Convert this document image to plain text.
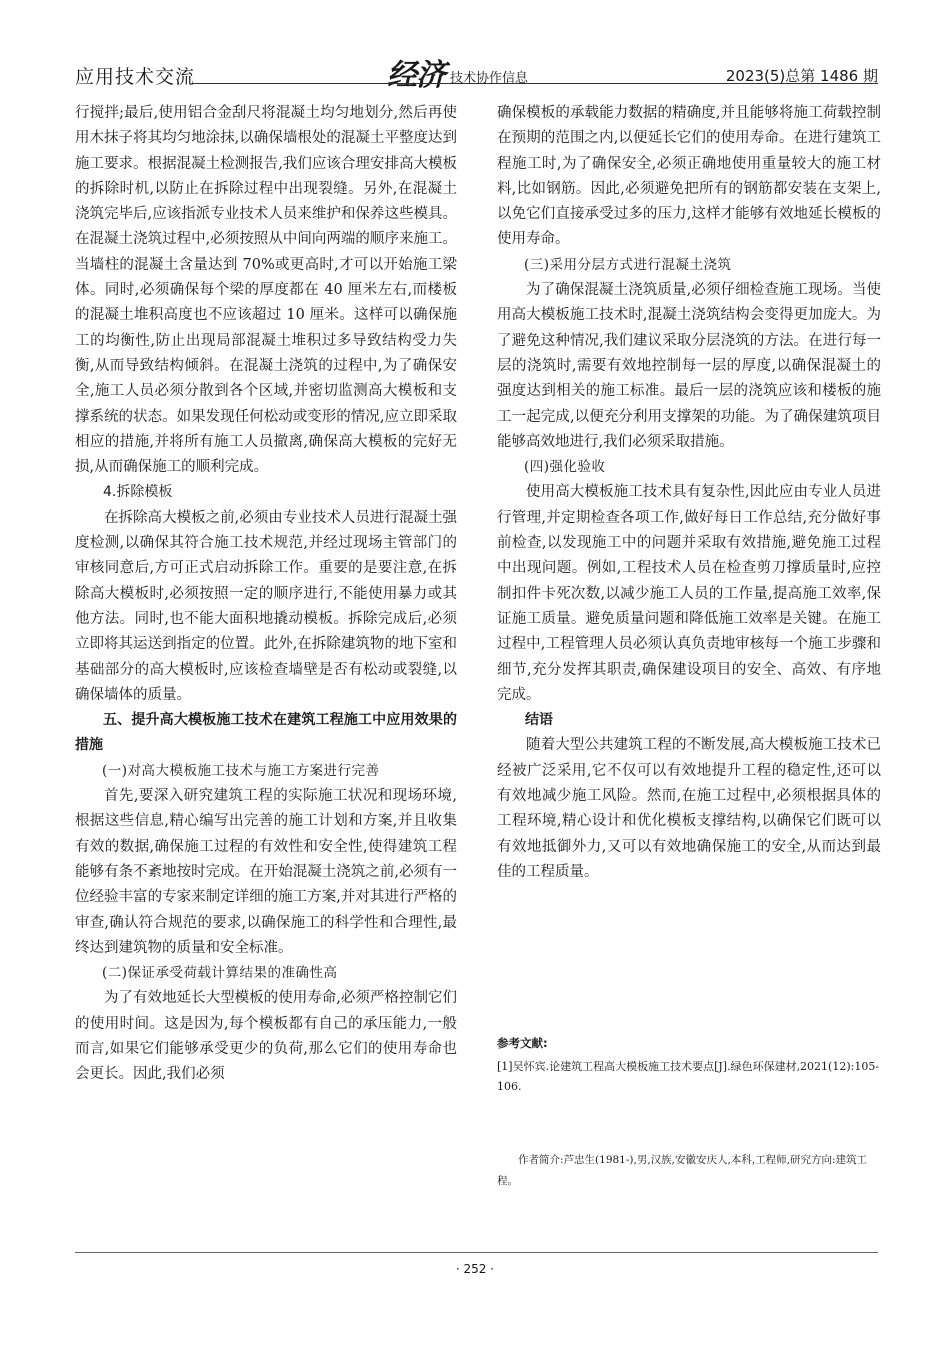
应用技术交流	经济 技术协作信息	2023(5)总第 1486 期

行搅拌;最后,使用铝合金刮尺将混凝土均匀地划分,然后再使用木抹子将其均匀地涂抹,以确保墙根处的混凝土平整度达到施工要求。根据混凝土检测报告,我们应该合理安排高大模板的拆除时机,以防止在拆除过程中出现裂缝。另外,在混凝土浇筑完毕后,应该指派专业技术人员来维护和保养这些模具。在混凝土浇筑过程中,必须按照从中间向两端的顺序来施工。当墙柱的混凝土含量达到 70%或更高时,才可以开始施工梁体。同时,必须确保每个梁的厚度都在 40 厘米左右,而楼板的混凝土堆积高度也不应该超过 10 厘米。这样可以确保施工的均衡性,防止出现局部混凝土堆积过多导致结构受力失衡,从而导致结构倾斜。在混凝土浇筑的过程中,为了确保安全,施工人员必须分散到各个区域,并密切监测高大模板和支撑系统的状态。如果发现任何松动或变形的情况,应立即采取相应的措施,并将所有施工人员撤离,确保高大模板的完好无损,从而确保施工的顺利完成。

4.拆除模板

在拆除高大模板之前,必须由专业技术人员进行混凝土强度检测,以确保其符合施工技术规范,并经过现场主管部门的审核同意后,方可正式启动拆除工作。重要的是要注意,在拆除高大模板时,必须按照一定的顺序进行,不能使用暴力或其他方法。同时,也不能大面积地撬动模板。拆除完成后,必须立即将其运送到指定的位置。此外,在拆除建筑物的地下室和基础部分的高大模板时,应该检查墙壁是否有松动或裂缝,以确保墙体的质量。

五、提升高大模板施工技术在建筑工程施工中应用效果的措施

(一)对高大模板施工技术与施工方案进行完善

首先,要深入研究建筑工程的实际施工状况和现场环境,根据这些信息,精心编写出完善的施工计划和方案,并且收集有效的数据,确保施工过程的有效性和安全性,使得建筑工程能够有条不紊地按时完成。在开始混凝土浇筑之前,必须有一位经验丰富的专家来制定详细的施工方案,并对其进行严格的审查,确认符合规范的要求,以确保施工的科学性和合理性,最终达到建筑物的质量和安全标准。

(二)保证承受荷载计算结果的准确性高

为了有效地延长大型模板的使用寿命,必须严格控制它们的使用时间。这是因为,每个模板都有自己的承压能力,一般而言,如果它们能够承受更少的负荷,那么它们的使用寿命也会更长。因此,我们必须

确保模板的承载能力数据的精确度,并且能够将施工荷载控制在预期的范围之内,以便延长它们的使用寿命。在进行建筑工程施工时,为了确保安全,必须正确地使用重量较大的施工材料,比如钢筋。因此,必须避免把所有的钢筋都安装在支架上,以免它们直接承受过多的压力,这样才能够有效地延长模板的使用寿命。

(三)采用分层方式进行混凝土浇筑

为了确保混凝土浇筑质量,必须仔细检查施工现场。当使用高大模板施工技术时,混凝土浇筑结构会变得更加庞大。为了避免这种情况,我们建议采取分层浇筑的方法。在进行每一层的浇筑时,需要有效地控制每一层的厚度,以确保混凝土的强度达到相关的施工标准。最后一层的浇筑应该和楼板的施工一起完成,以便充分利用支撑架的功能。为了确保建筑项目能够高效地进行,我们必须采取措施。

(四)强化验收

使用高大模板施工技术具有复杂性,因此应由专业人员进行管理,并定期检查各项工作,做好每日工作总结,充分做好事前检查,以发现施工中的问题并采取有效措施,避免施工过程中出现问题。例如,工程技术人员在检查剪刀撑质量时,应控制扣件卡死次数,以减少施工人员的工作量,提高施工效率,保证施工质量。避免质量问题和降低施工效率是关键。在施工过程中,工程管理人员必须认真负责地审核每一个施工步骤和细节,充分发挥其职责,确保建设项目的安全、高效、有序地完成。

结语

随着大型公共建筑工程的不断发展,高大模板施工技术已经被广泛采用,它不仅可以有效地提升工程的稳定性,还可以有效地减少施工风险。然而,在施工过程中,必须根据具体的工程环境,精心设计和优化模板支撑结构,以确保它们既可以有效地抵御外力,又可以有效地确保施工的安全,从而达到最佳的工程质量。

参考文献:

[1]吴怀宾.论建筑工程高大模板施工技术要点[J].绿色环保建材,2021(12):105-106.

作者简介:芦忠生(1981-),男,汉族,安徽安庆人,本科,工程师,研究方向:建筑工程。
· 252 ·
